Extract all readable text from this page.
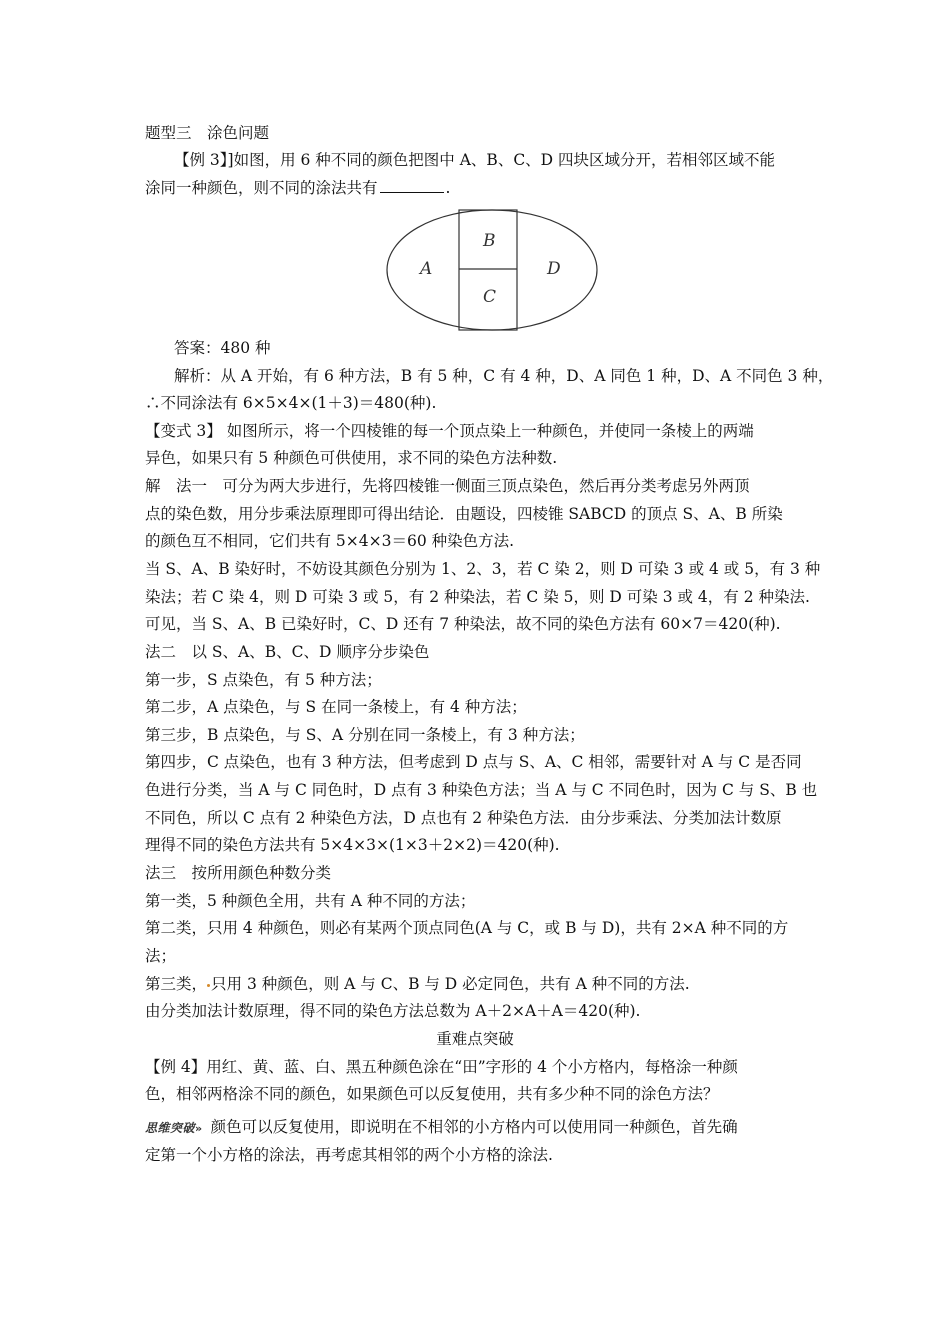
题型三　涂色问题
【例 3】]如图，用 6 种不同的颜色把图中 A、B、C、D 四块区域分开，若相邻区域不能
涂同一种颜色，则不同的涂法共有	.
A
B
C
D
答案：480 种
解析：从 A 开始，有 6 种方法，B 有 5 种，C 有 4 种，D、A 同色 1 种，D、A 不同色 3 种，
∴不同涂法有 6×5×4×(1＋3)＝480(种).
【变式 3】 如图所示，将一个四棱锥的每一个顶点染上一种颜色，并使同一条棱上的两端
异色，如果只有 5 种颜色可供使用，求不同的染色方法种数.
解　法一　可分为两大步进行，先将四棱锥一侧面三顶点染色，然后再分类考虑另外两顶
点的染色数，用分步乘法原理即可得出结论．由题设，四棱锥 SABCD 的顶点 S、A、B 所染
的颜色互不相同，它们共有 5×4×3＝60 种染色方法.
当 S、A、B 染好时，不妨设其颜色分别为 1、2、3，若 C 染 2，则 D 可染 3 或 4 或 5，有 3 种
染法；若 C 染 4，则 D 可染 3 或 5，有 2 种染法，若 C 染 5，则 D 可染 3 或 4，有 2 种染法.
可见，当 S、A、B 已染好时，C、D 还有 7 种染法，故不同的染色方法有 60×7＝420(种).
法二　以 S、A、B、C、D 顺序分步染色
第一步，S 点染色，有 5 种方法；
第二步，A 点染色，与 S 在同一条棱上，有 4 种方法；
第三步，B 点染色，与 S、A 分别在同一条棱上，有 3 种方法；
第四步，C 点染色，也有 3 种方法，但考虑到 D 点与 S、A、C 相邻，需要针对 A 与 C 是否同
色进行分类，当 A 与 C 同色时，D 点有 3 种染色方法；当 A 与 C 不同色时，因为 C 与 S、B 也
不同色，所以 C 点有 2 种染色方法，D 点也有 2 种染色方法．由分步乘法、分类加法计数原
理得不同的染色方法共有 5×4×3×(1×3＋2×2)＝420(种).
法三　按所用颜色种数分类
第一类，5 种颜色全用，共有 A 种不同的方法；
第二类，只用 4 种颜色，则必有某两个顶点同色(A 与 C，或 B 与 D)，共有 2×A 种不同的方
法；
第三类， 只用 3 种颜色，则 A 与 C、B 与 D 必定同色，共有 A 种不同的方法.
由分类加法计数原理，得不同的染色方法总数为 A＋2×A＋A＝420(种).
重难点突破
【例 4】用红、黄、蓝、白、黑五种颜色涂在“田”字形的 4 个小方格内，每格涂一种颜
色，相邻两格涂不同的颜色，如果颜色可以反复使用，共有多少种不同的涂色方法？
思维突破» 颜色可以反复使用，即说明在不相邻的小方格内可以使用同一种颜色，首先确
定第一个小方格的涂法，再考虑其相邻的两个小方格的涂法.
